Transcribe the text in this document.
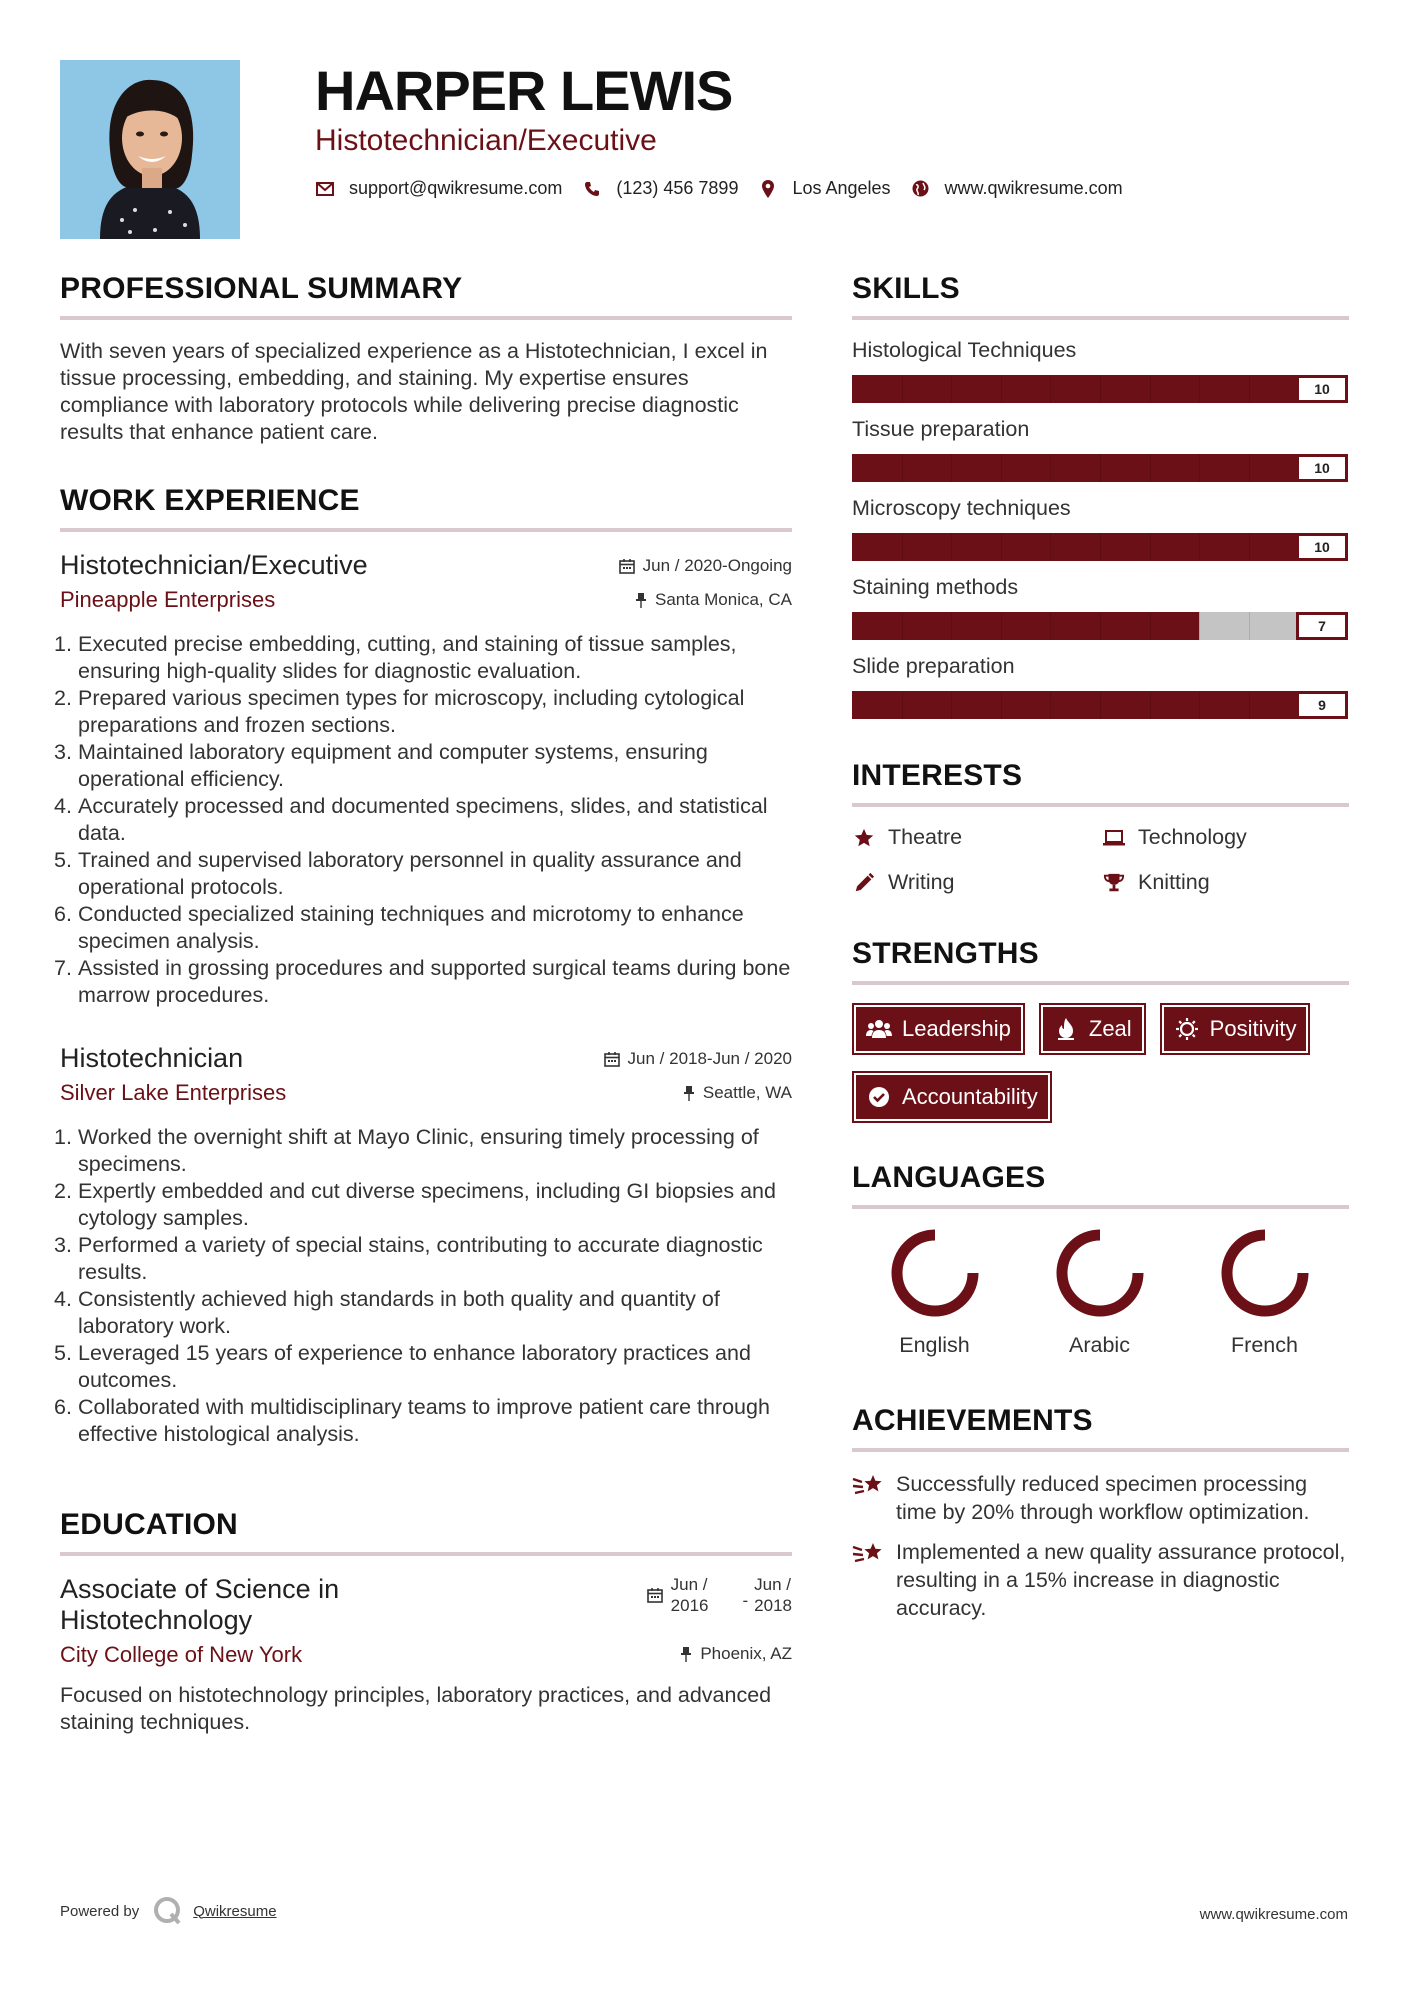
HARPER LEWIS
Histotechnician/Executive
support@qwikresume.com	(123) 456 7899	Los Angeles	www.qwikresume.com
PROFESSIONAL SUMMARY
With seven years of specialized experience as a Histotechnician, I excel in tissue processing, embedding, and staining. My expertise ensures compliance with laboratory protocols while delivering precise diagnostic results that enhance patient care.
WORK EXPERIENCE
Histotechnician/Executive
Pineapple Enterprises
Jun / 2020-Ongoing
Santa Monica, CA
1. Executed precise embedding, cutting, and staining of tissue samples, ensuring high-quality slides for diagnostic evaluation.
2. Prepared various specimen types for microscopy, including cytological preparations and frozen sections.
3. Maintained laboratory equipment and computer systems, ensuring operational efficiency.
4. Accurately processed and documented specimens, slides, and statistical data.
5. Trained and supervised laboratory personnel in quality assurance and operational protocols.
6. Conducted specialized staining techniques and microtomy to enhance specimen analysis.
7. Assisted in grossing procedures and supported surgical teams during bone marrow procedures.
Histotechnician
Silver Lake Enterprises
Jun / 2018-Jun / 2020
Seattle, WA
1. Worked the overnight shift at Mayo Clinic, ensuring timely processing of specimens.
2. Expertly embedded and cut diverse specimens, including GI biopsies and cytology samples.
3. Performed a variety of special stains, contributing to accurate diagnostic results.
4. Consistently achieved high standards in both quality and quantity of laboratory work.
5. Leveraged 15 years of experience to enhance laboratory practices and outcomes.
6. Collaborated with multidisciplinary teams to improve patient care through effective histological analysis.
EDUCATION
Associate of Science in
Histotechnology
City College of New York
Jun /
2016 -
Jun /
2018
Phoenix, AZ
Focused on histotechnology principles, laboratory practices, and advanced staining techniques.
SKILLS
Histological Techniques
10
Tissue preparation
10
Microscopy techniques
10
Staining methods
7
Slide preparation
9
INTERESTS
Theatre	Technology
Writing	Knitting
STRENGTHS
Leadership	Zeal	Positivity
Accountability
LANGUAGES
English	Arabic	French
ACHIEVEMENTS
Successfully reduced specimen processing time by 20% through workflow optimization.
Implemented a new quality assurance protocol, resulting in a 15% increase in diagnostic accuracy.
Powered by	Qwikresume	www.qwikresume.com
